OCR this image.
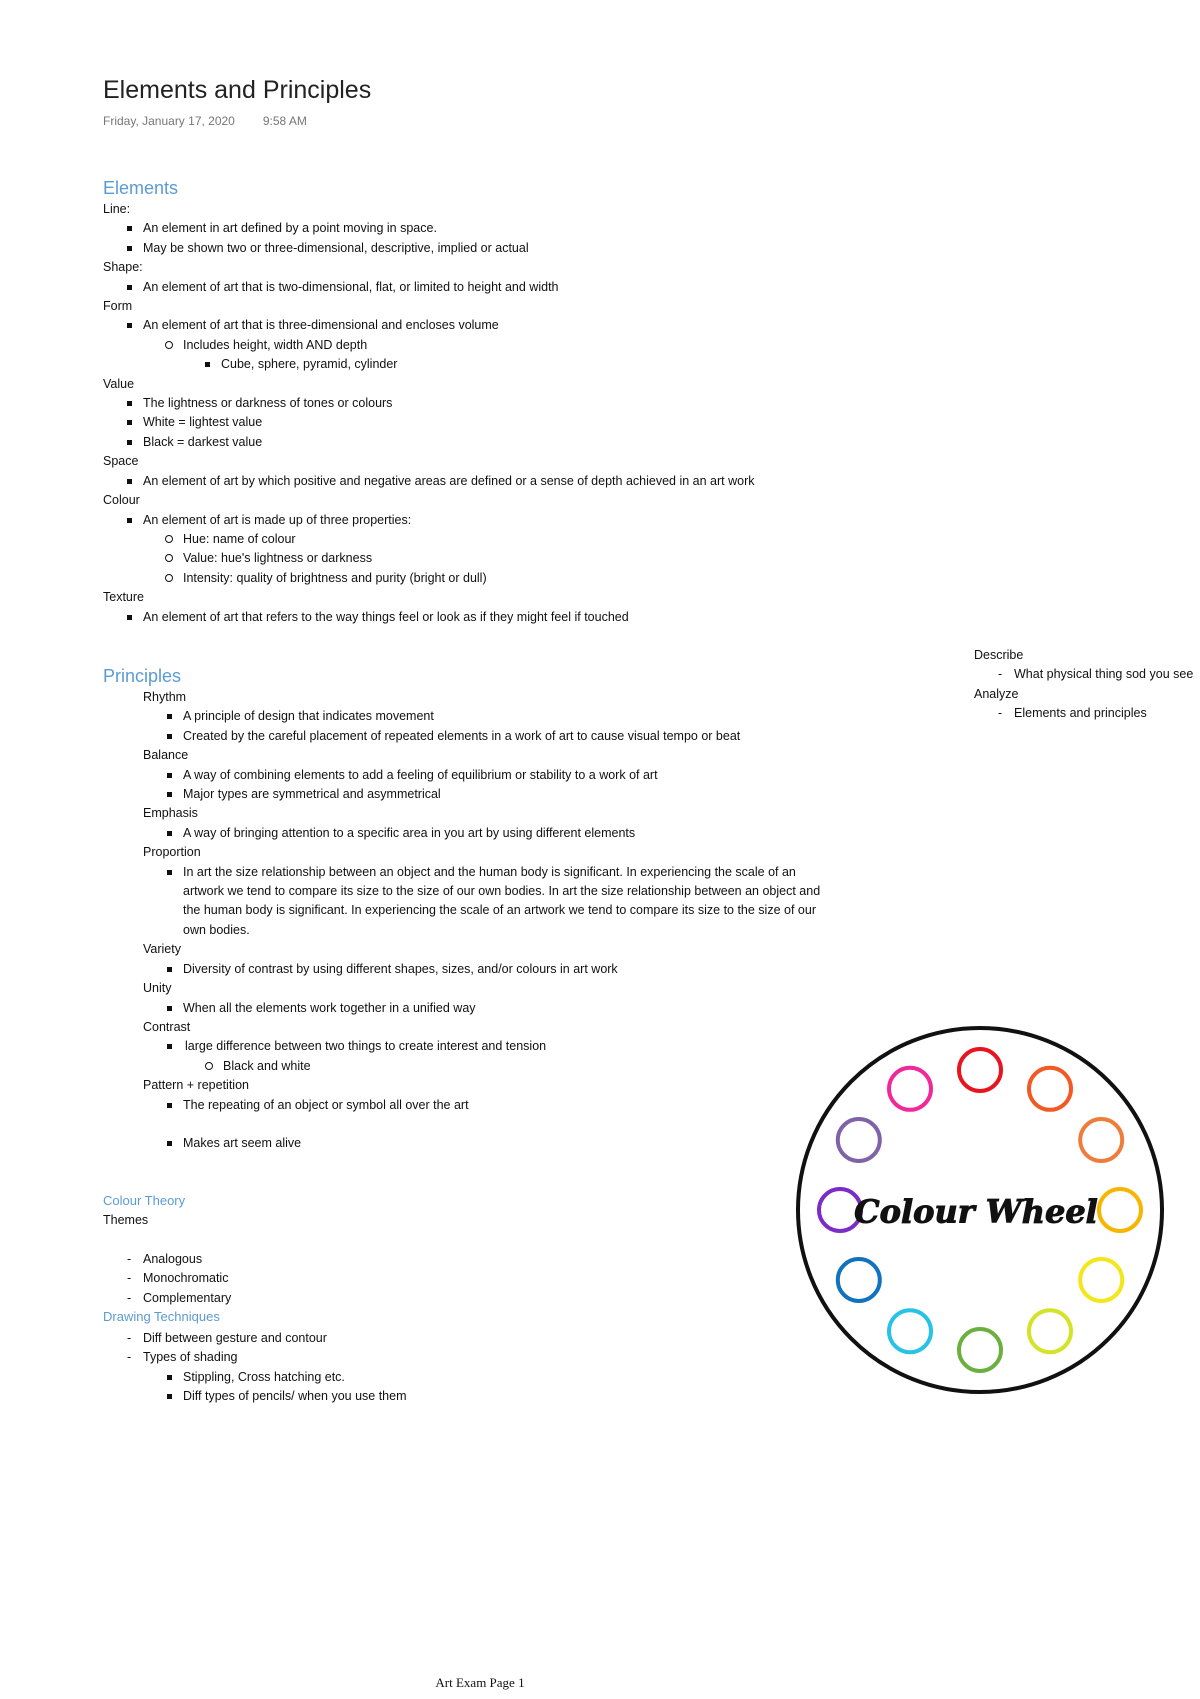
Elements and Principles
Friday, January 17, 2020 9:58 AM
Elements
Line:
An element in art defined by a point moving in space.
May be shown two or three-dimensional, descriptive, implied or actual
Shape:
An element of art that is two-dimensional, flat, or limited to height and width
Form
An element of art that is three-dimensional and encloses volume
Includes height, width AND depth
Cube, sphere, pyramid, cylinder
Value
The lightness or darkness of tones or colours
White = lightest value
Black = darkest value
Space
An element of art by which positive and negative areas are defined or a sense of depth achieved in an art work
Colour
An element of art is made up of three properties:
Hue: name of colour
Value: hue's lightness or darkness
Intensity: quality of brightness and purity (bright or dull)
Texture
An element of art that refers to the way things feel or look as if they might feel if touched
Principles
Rhythm
A principle of design that indicates movement
Created by the careful placement of repeated elements in a work of art to cause visual tempo or beat
Balance
A way of combining elements to add a feeling of equilibrium or stability to a work of art
Major types are symmetrical and asymmetrical
Emphasis
A way of bringing attention to a specific area in you art by using different elements
Proportion
In art the size relationship between an object and the human body is significant. In experiencing the scale of an artwork we tend to compare its size to the size of our own bodies. In art the size relationship between an object and the human body is significant. In experiencing the scale of an artwork we tend to compare its size to the size of our own bodies.
Variety
Diversity of contrast by using different shapes, sizes, and/or colours in art work
Unity
When all the elements work together in a unified way
Contrast
large difference between two things to create interest and tension
Black and white
Pattern + repetition
The repeating of an object or symbol all over the art
Makes art seem alive
Colour Theory
Themes
- Analogous
- Monochromatic
- Complementary
Drawing Techniques
- Diff between gesture and contour
- Types of shading
Stippling, Cross hatching etc.
Diff types of pencils/ when you use them
Describe
- What physical thing sod you see
Analyze
- Elements and principles
Colour Wheel
Art Exam Page 1
